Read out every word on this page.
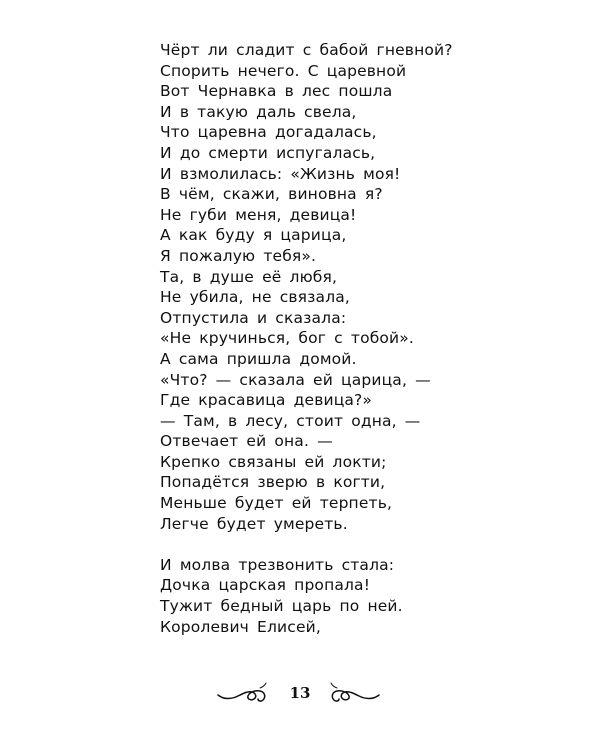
Чёрт ли сладит с бабой гневной?
Спорить нечего. С царевной
Вот Чернавка в лес пошла
И в такую даль свела,
Что царевна догадалась,
И до смерти испугалась,
И взмолилась: «Жизнь моя!
В чём, скажи, виновна я?
Не губи меня, девица!
А как буду я царица,
Я пожалую тебя».
Та, в душе её любя,
Не убила, не связала,
Отпустила и сказала:
«Не кручинься, бог с тобой».
А сама пришла домой.
«Что? — сказала ей царица, —
Где красавица девица?»
— Там, в лесу, стоит одна, —
Отвечает ей она. —
Крепко связаны ей локти;
Попадётся зверю в когти,
Меньше будет ей терпеть,
Легче будет умереть.
И молва трезвонить стала:
Дочка царская пропала!
Тужит бедный царь по ней.
Королевич Елисей,
13
